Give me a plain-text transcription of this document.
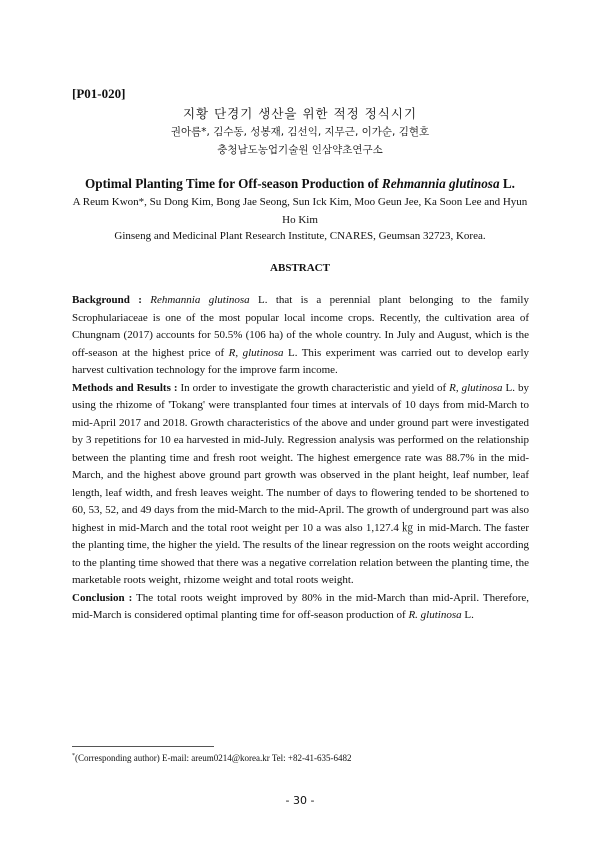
[P01-020]
지황 단경기 생산을 위한 적정 정식시기
권아름*, 김수동, 성봉재, 김선익, 지무근, 이가순, 김현호
충청남도농업기술원 인삼약초연구소
Optimal Planting Time for Off-season Production of Rehmannia glutinosa L.
A Reum Kwon*, Su Dong Kim, Bong Jae Seong, Sun Ick Kim, Moo Geun Jee, Ka Soon Lee and Hyun Ho Kim
Ginseng and Medicinal Plant Research Institute, CNARES, Geumsan 32723, Korea.
ABSTRACT

Background : Rehmannia glutinosa L. that is a perennial plant belonging to the family Scrophulariaceae is one of the most popular local income crops. Recently, the cultivation area of Chungnam (2017) accounts for 50.5% (106 ha) of the whole country. In July and August, which is the off-season at the highest price of R, glutinosa L. This experiment was carried out to develop early harvest cultivation technology for the improve farm income.

Methods and Results : In order to investigate the growth characteristic and yield of R, glutinosa L. by using the rhizome of 'Tokang' were transplanted four times at intervals of 10 days from mid-March to mid-April 2017 and 2018. Growth characteristics of the above and under ground part were investigated by 3 repetitions for 10 ea harvested in mid-July. Regression analysis was performed on the relationship between the planting time and fresh root weight. The highest emergence rate was 88.7% in the mid-March, and the highest above ground part growth was observed in the plant height, leaf number, leaf length, leaf width, and fresh leaves weight. The number of days to flowering tended to be shortened to 60, 53, 52, and 49 days from the mid-March to the mid-April. The growth of underground part was also highest in mid-March and the total root weight per 10 a was also 1,127.4 ㎏ in mid-March. The faster the planting time, the higher the yield. The results of the linear regression on the roots weight according to the planting time showed that there was a negative correlation relation between the planting time, the marketable roots weight, rhizome weight and total roots weight.

Conclusion : The total roots weight improved by 80% in the mid-March than mid-April. Therefore, mid-March is considered optimal planting time for off-season production of R. glutinosa L.

*(Corresponding author) E-mail: areum0214@korea.kr Tel: +82-41-635-6482
- 30 -
